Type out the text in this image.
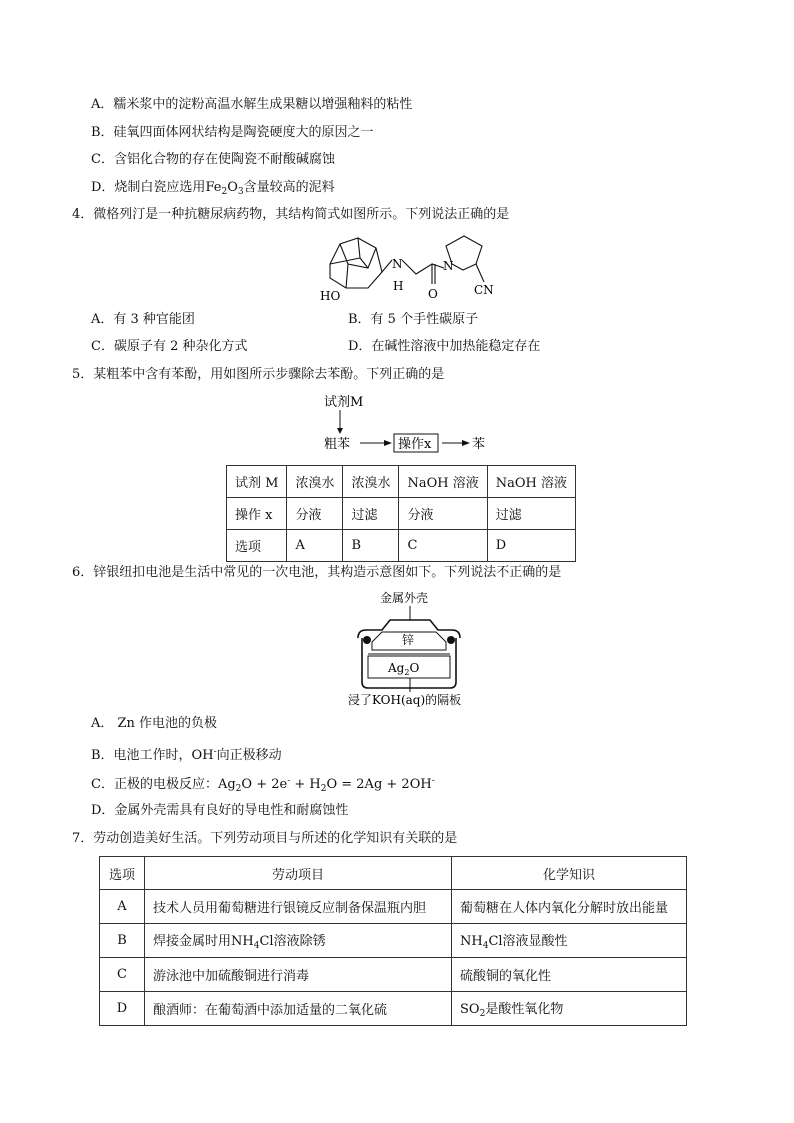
A．糯米浆中的淀粉高温水解生成果糖以增强釉料的粘性
B．硅氧四面体网状结构是陶瓷硬度大的原因之一
C．含铝化合物的存在使陶瓷不耐酸碱腐蚀
D．烧制白瓷应选用$Fe_2O_3$含量较高的泥料
4．微格列汀是一种抗糖尿病药物，其结构简式如图所示。下列说法正确的是
N
H
HO	O
N
CN
A．有 3 种官能团	B．有 5 个手性碳原子
C．碳原子有 2 种杂化方式	D．在碱性溶液中加热能稳定存在
5．某粗苯中含有苯酚，用如图所示步骤除去苯酚。下列正确的是
试剂M
粗苯	操作x	苯
试剂 M	浓溴水	浓溴水	NaOH 溶液	NaOH 溶液
操作 x	分液	过滤	分液	过滤
选项	A	B	C	D
6．锌银纽扣电池是生活中常见的一次电池，其构造示意图如下。下列说法不正确的是
金属外壳
锌
$Ag_2O$
浸了KOH(aq)的隔板
A． Zn 作电池的负极
B．电池工作时，OH-向正极移动
C．正极的电极反应：$Ag_2O + 2e^- + H_2O = 2Ag + 2OH^-$
D．金属外壳需具有良好的导电性和耐腐蚀性
7．劳动创造美好生活。下列劳动项目与所述的化学知识有关联的是
选项	劳动项目	化学知识
A	技术人员用葡萄糖进行银镜反应制备保温瓶内胆	葡萄糖在人体内氧化分解时放出能量
B	焊接金属时用$NH_4Cl$溶液除锈	$NH_4Cl$溶液显酸性
C	游泳池中加硫酸铜进行消毒	硫酸铜的氧化性
D	酿酒师：在葡萄酒中添加适量的二氧化硫	$SO_2$是酸性氧化物
